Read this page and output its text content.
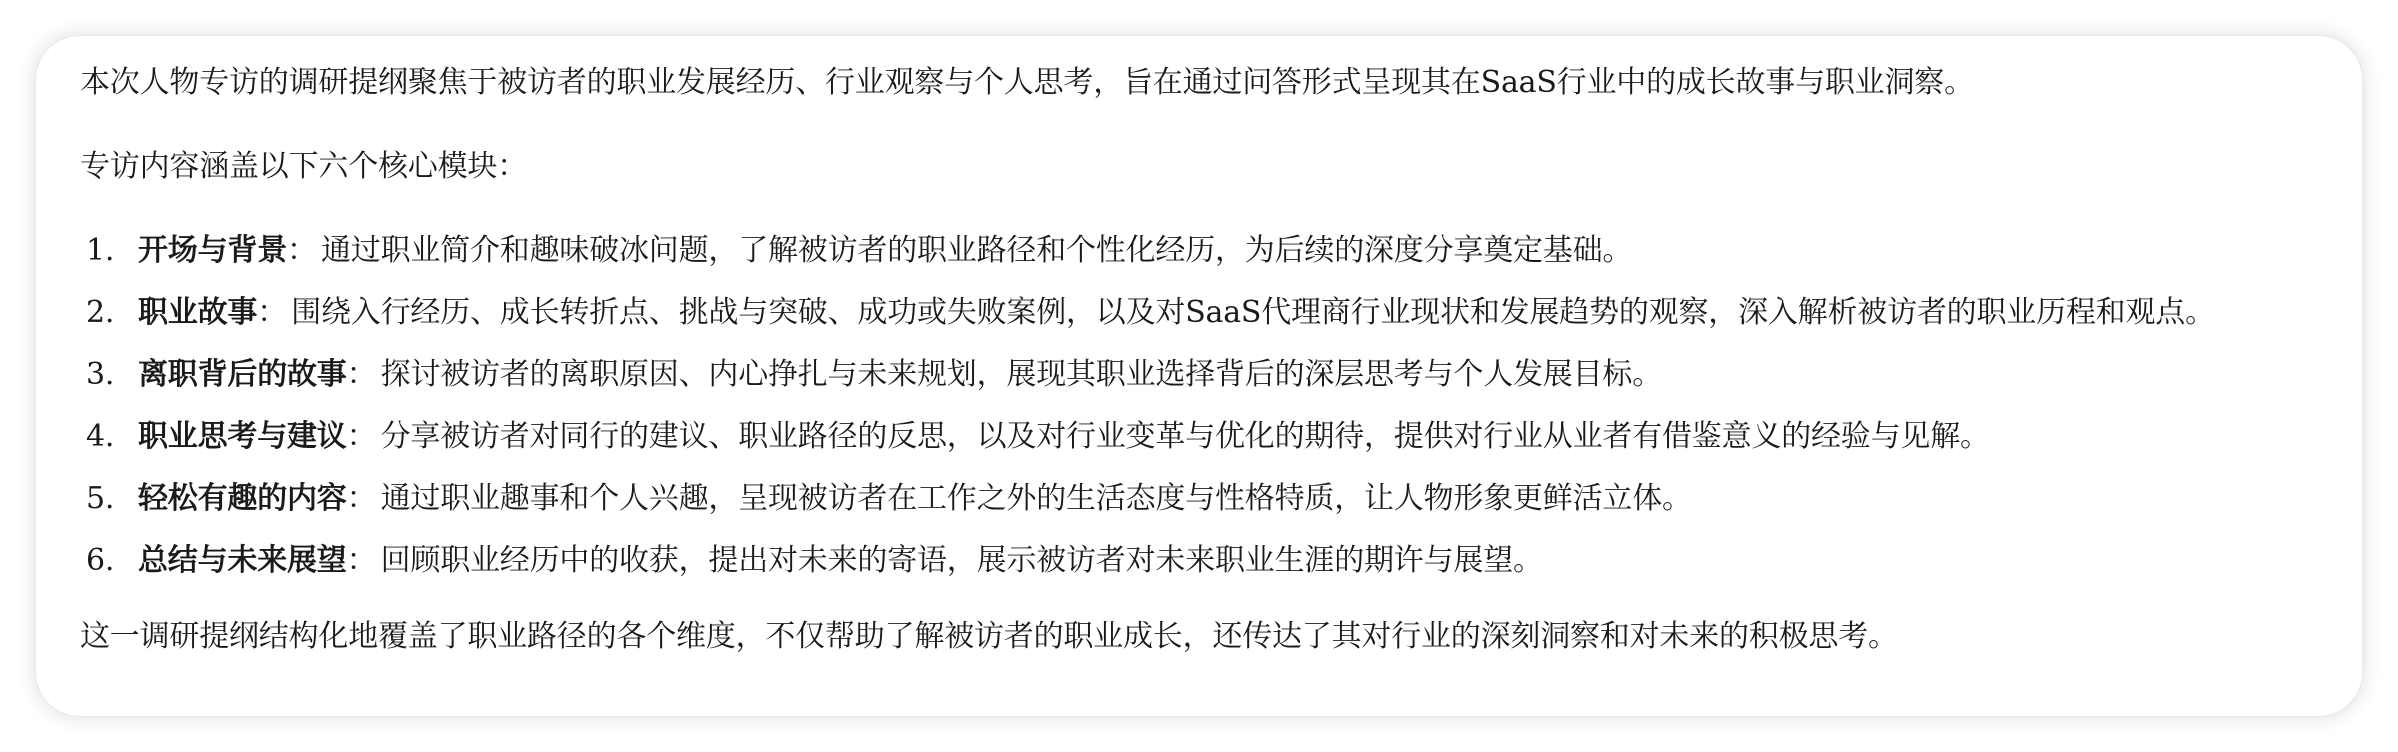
本次人物专访的调研提纲聚焦于被访者的职业发展经历、行业观察与个人思考，旨在通过问答形式呈现其在SaaS行业中的成长故事与职业洞察。

专访内容涵盖以下六个核心模块：

1. 开场与背景 ： 通过职业简介和趣味破冰问题，了解被访者的职业路径和个性化经历，为后续的深度分享奠定基础。
2. 职业故事 ： 围绕入行经历、成长转折点、挑战与突破、成功或失败案例，以及对SaaS代理商行业现状和发展趋势的观察，深入解析被访者的职业历程和观点。
3. 离职背后的故事 ： 探讨被访者的离职原因、内心挣扎与未来规划，展现其职业选择背后的深层思考与个人发展目标。
4. 职业思考与建议 ： 分享被访者对同行的建议、职业路径的反思，以及对行业变革与优化的期待，提供对行业从业者有借鉴意义的经验与见解。
5. 轻松有趣的内容 ： 通过职业趣事和个人兴趣，呈现被访者在工作之外的生活态度与性格特质，让人物形象更鲜活立体。
6. 总结与未来展望 ： 回顾职业经历中的收获，提出对未来的寄语，展示被访者对未来职业生涯的期许与展望。

这一调研提纲结构化地覆盖了职业路径的各个维度，不仅帮助了解被访者的职业成长，还传达了其对行业的深刻洞察和对未来的积极思考。
